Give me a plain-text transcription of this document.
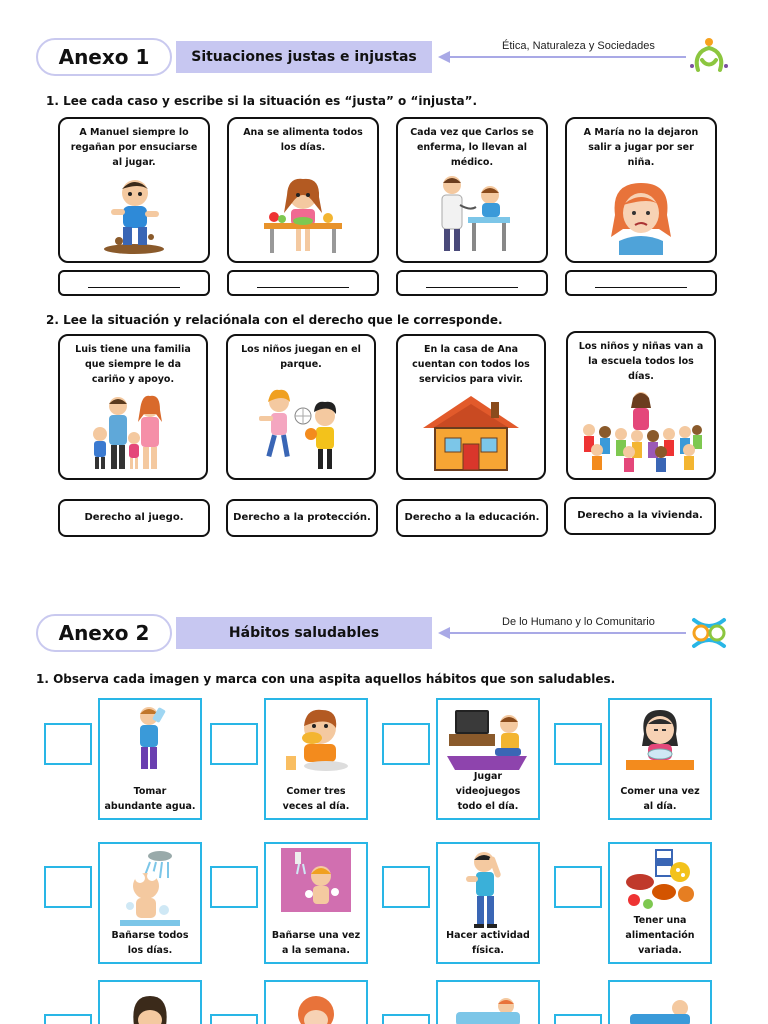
Anexo 1	Situaciones justas e injustas
Ética, Naturaleza y Sociedades
1. Lee cada caso y escribe si la situación es “justa” o “injusta”.
A Manuel siempre lo regañan por ensuciarse al jugar.
Ana se alimenta todos los días.
Cada vez que Carlos se enferma, lo llevan al médico.
A María no la dejaron salir a jugar por ser niña.
2. Lee la situación y relaciónala con el derecho que le corresponde.
Luis tiene una familia que siempre le da cariño y apoyo.
Los niños juegan en el parque.
En la casa de Ana cuentan con todos los servicios para vivir.
Los niños y niñas van a la escuela todos los días.
Derecho al juego.	Derecho a la protección.	Derecho a la educación.	Derecho a la vivienda.
Anexo 2	Hábitos saludables
De lo Humano y lo Comunitario
1. Observa cada imagen y marca con una aspita aquellos hábitos que son saludables.
Tomar abundante agua.
Comer tres veces al día.
Jugar videojuegos todo el día.
Comer una vez al día.
Bañarse todos los días.
Bañarse una vez a la semana.
Hacer actividad física.
Tener una alimentación variada.
